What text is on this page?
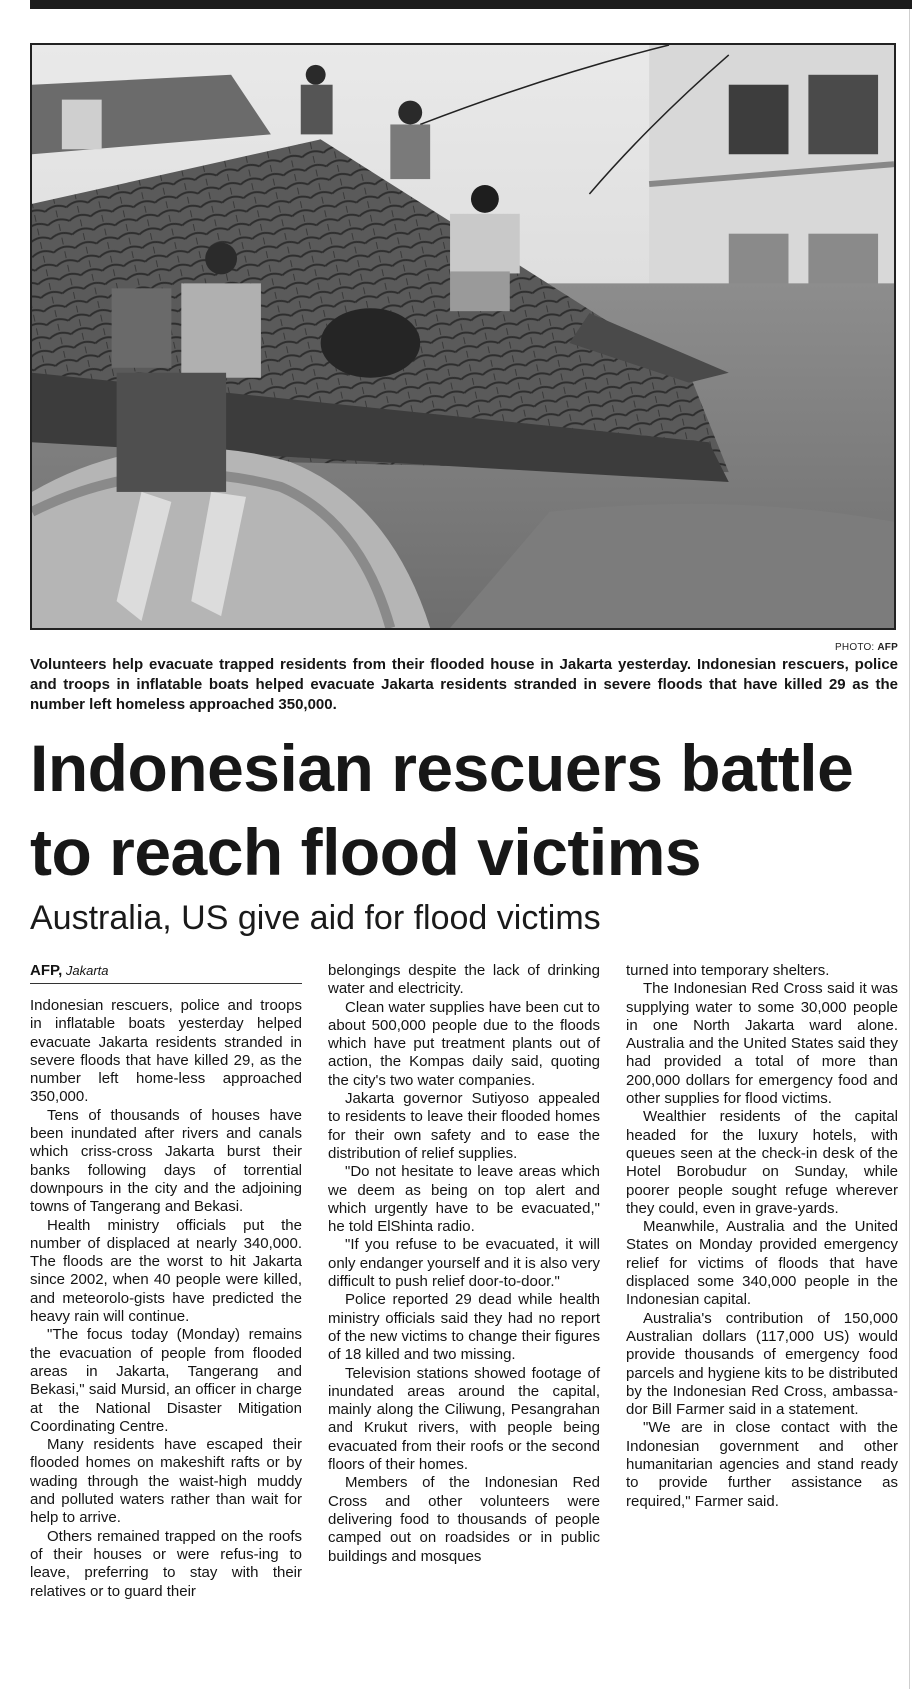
PHOTO: AFP

Volunteers help evacuate trapped residents from their flooded house in Jakarta yesterday. Indonesian rescuers, police and troops in inflatable boats helped evacuate Jakarta residents stranded in severe floods that have killed 29 as the number left homeless approached 350,000.

Indonesian rescuers battle
to reach flood victims
Australia, US give aid for flood victims
AFP, Jakarta

Indonesian rescuers, police and troops in inflatable boats yesterday helped evacuate Jakarta residents stranded in severe floods that have killed 29, as the number left home-less approached 350,000.

Tens of thousands of houses have been inundated after rivers and canals which criss-cross Jakarta burst their banks following days of torrential downpours in the city and the adjoining towns of Tangerang and Bekasi.

Health ministry officials put the number of displaced at nearly 340,000. The floods are the worst to hit Jakarta since 2002, when 40 people were killed, and meteorolo-gists have predicted the heavy rain will continue.

"The focus today (Monday) remains the evacuation of people from flooded areas in Jakarta, Tangerang and Bekasi," said Mursid, an officer in charge at the National Disaster Mitigation Coordinating Centre.

Many residents have escaped their flooded homes on makeshift rafts or by wading through the waist-high muddy and polluted waters rather than wait for help to arrive.

Others remained trapped on the roofs of their houses or were refus-ing to leave, preferring to stay with their relatives or to guard their

belongings despite the lack of drinking water and electricity.

Clean water supplies have been cut to about 500,000 people due to the floods which have put treatment plants out of action, the Kompas daily said, quoting the city's two water companies.

Jakarta governor Sutiyoso appealed to residents to leave their flooded homes for their own safety and to ease the distribution of relief supplies.

"Do not hesitate to leave areas which we deem as being on top alert and which urgently have to be evacuated," he told ElShinta radio.

"If you refuse to be evacuated, it will only endanger yourself and it is also very difficult to push relief door-to-door."

Police reported 29 dead while health ministry officials said they had no report of the new victims to change their figures of 18 killed and two missing.

Television stations showed footage of inundated areas around the capital, mainly along the Ciliwung, Pesangrahan and Krukut rivers, with people being evacuated from their roofs or the second floors of their homes.

Members of the Indonesian Red Cross and other volunteers were delivering food to thousands of people camped out on roadsides or in public buildings and mosques

turned into temporary shelters.

The Indonesian Red Cross said it was supplying water to some 30,000 people in one North Jakarta ward alone. Australia and the United States said they had provided a total of more than 200,000 dollars for emergency food and other supplies for flood victims.

Wealthier residents of the capital headed for the luxury hotels, with queues seen at the check-in desk of the Hotel Borobudur on Sunday, while poorer people sought refuge wherever they could, even in grave-yards.

Meanwhile, Australia and the United States on Monday provided emergency relief for victims of floods that have displaced some 340,000 people in the Indonesian capital.

Australia's contribution of 150,000 Australian dollars (117,000 US) would provide thousands of emergency food parcels and hygiene kits to be distributed by the Indonesian Red Cross, ambassa-dor Bill Farmer said in a statement.

"We are in close contact with the Indonesian government and other humanitarian agencies and stand ready to provide further assistance as required," Farmer said.
